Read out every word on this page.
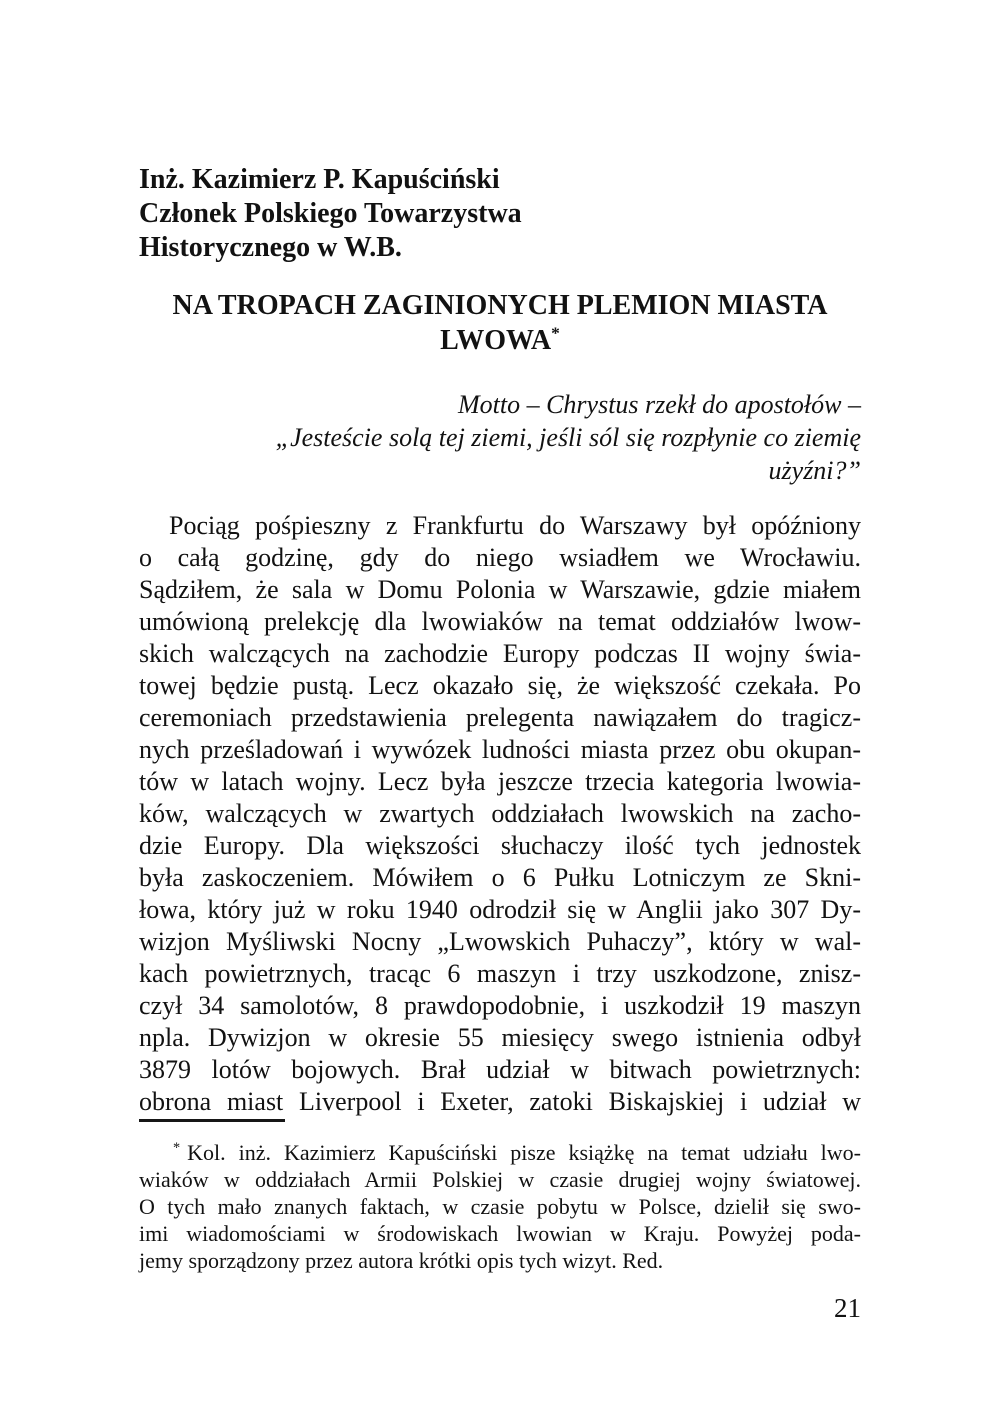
Inż. Kazimierz P. Kapuściński
Członek Polskiego Towarzystwa
Historycznego w W.B.
NA TROPACH ZAGINIONYCH PLEMION MIASTA
LWOWA*
Motto – Chrystus rzekł do apostołów –
„Jesteście solą tej ziemi, jeśli sól się rozpłynie co ziemię
użyźni?”
Pociąg pośpieszny z Frankfurtu do Warszawy był opóźniony
o całą godzinę, gdy do niego wsiadłem we Wrocławiu.
Sądziłem, że sala w Domu Polonia w Warszawie, gdzie miałem
umówioną prelekcję dla lwowiaków na temat oddziałów lwow-
skich walczących na zachodzie Europy podczas II wojny świa-
towej będzie pustą. Lecz okazało się, że większość czekała. Po
ceremoniach przedstawienia prelegenta nawiązałem do tragicz-
nych prześladowań i wywózek ludności miasta przez obu okupan-
tów w latach wojny. Lecz była jeszcze trzecia kategoria lwowia-
ków, walczących w zwartych oddziałach lwowskich na zacho-
dzie Europy. Dla większości słuchaczy ilość tych jednostek
była zaskoczeniem. Mówiłem o 6 Pułku Lotniczym ze Skni-
łowa, który już w roku 1940 odrodził się w Anglii jako 307 Dy-
wizjon Myśliwski Nocny „Lwowskich Puhaczy”, który w wal-
kach powietrznych, tracąc 6 maszyn i trzy uszkodzone, znisz-
czył 34 samolotów, 8 prawdopodobnie, i uszkodził 19 maszyn
npla. Dywizjon w okresie 55 miesięcy swego istnienia odbył
3879 lotów bojowych. Brał udział w bitwach powietrznych:
obrona miast Liverpool i Exeter, zatoki Biskajskiej i udział w
* Kol. inż. Kazimierz Kapuściński pisze książkę na temat udziału lwo-
wiaków w oddziałach Armii Polskiej w czasie drugiej wojny światowej.
O tych mało znanych faktach, w czasie pobytu w Polsce, dzielił się swo-
imi wiadomościami w środowiskach lwowian w Kraju. Powyżej poda-
jemy sporządzony przez autora krótki opis tych wizyt. Red.
21
